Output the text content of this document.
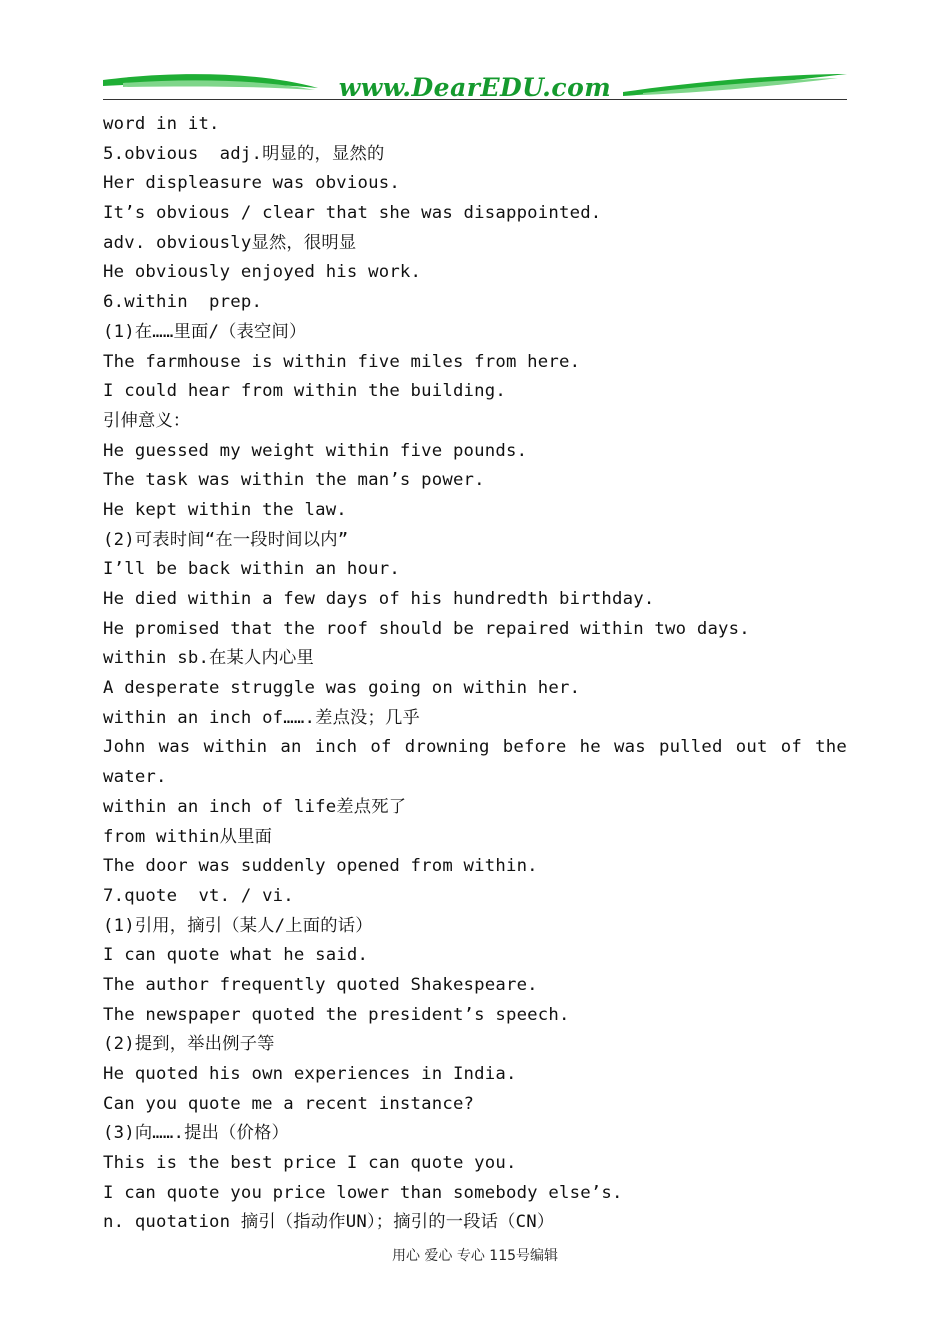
www.DearEDU.com
word in it.
5.obvious  adj.明显的，显然的
Her displeasure was obvious.
It’s obvious / clear that she was disappointed.
adv. obviously显然，很明显
He obviously enjoyed his work.
6.within  prep.
(1)在……里面/（表空间）
The farmhouse is within five miles from here.
I could hear from within the building.
引伸意义：
He guessed my weight within five pounds.
The task was within the man’s power.
He kept within the law.
(2)可表时间“在一段时间以内”
I’ll be back within an hour.
He died within a few days of his hundredth birthday.
He promised that the roof should be repaired within two days.
within sb.在某人内心里
A desperate struggle was going on within her.
within an inch of…….差点没；几乎
John was within an inch of drowning before he was pulled out of the
water.
within an inch of life差点死了
from within从里面
The door was suddenly opened from within.
7.quote  vt. / vi.
(1)引用，摘引（某人/上面的话）
I can quote what he said.
The author frequently quoted Shakespeare.
The newspaper quoted the president’s speech.
(2)提到，举出例子等
He quoted his own experiences in India.
Can you quote me a recent instance?
(3)向…….提出（价格）
This is the best price I can quote you.
I can quote you price lower than somebody else’s.
n. quotation 摘引（指动作UN）；摘引的一段话（CN）
用心 爱心 专心 115号编辑
